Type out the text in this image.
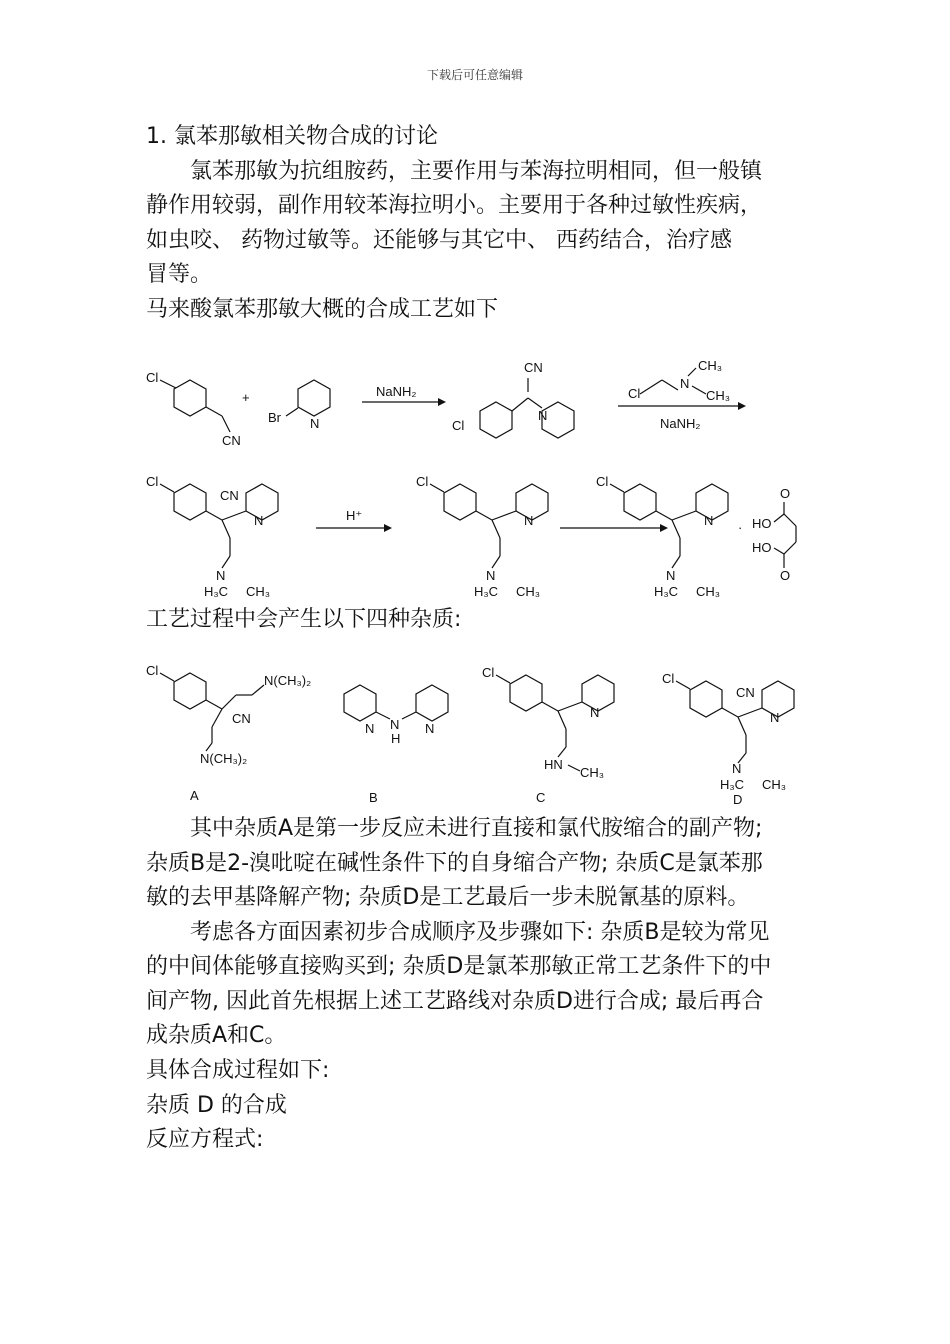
下载后可任意编辑
1. 氯苯那敏相关物合成的讨论
氯苯那敏为抗组胺药，主要作用与苯海拉明相同，但一般镇
静作用较弱，副作用较苯海拉明小。主要用于各种过敏性疾病，
如虫咬、 药物过敏等。还能够与其它中、 西药结合，治疗感
冒等。
马来酸氯苯那敏大概的合成工艺如下
Cl
CN
+
Br N
NaNH₂
CN
Cl
N
Cl
N
CH₃
CH₃
NaNH₂
Cl
CN
N
N
H₃C CH₃
H⁺
Cl
N
N
H₃C CH₃
Cl
N
N
H₃C CH₃
· HO
HO
O
O
工艺过程中会产生以下四种杂质:
Cl
N(CH₃)₂
CN
N(CH₃)₂
N N
H
N
Cl
N
HN
CH₃
Cl
CN
N
N
H₃C CH₃
A	B	C	D
其中杂质A是第一步反应未进行直接和氯代胺缩合的副产物;
杂质B是2-溴吡啶在碱性条件下的自身缩合产物; 杂质C是氯苯那
敏的去甲基降解产物; 杂质D是工艺最后一步未脱氰基的原料。
考虑各方面因素初步合成顺序及步骤如下: 杂质B是较为常见
的中间体能够直接购买到; 杂质D是氯苯那敏正常工艺条件下的中
间产物, 因此首先根据上述工艺路线对杂质D进行合成; 最后再合
成杂质A和C。
具体合成过程如下:
杂质 D 的合成
反应方程式:
